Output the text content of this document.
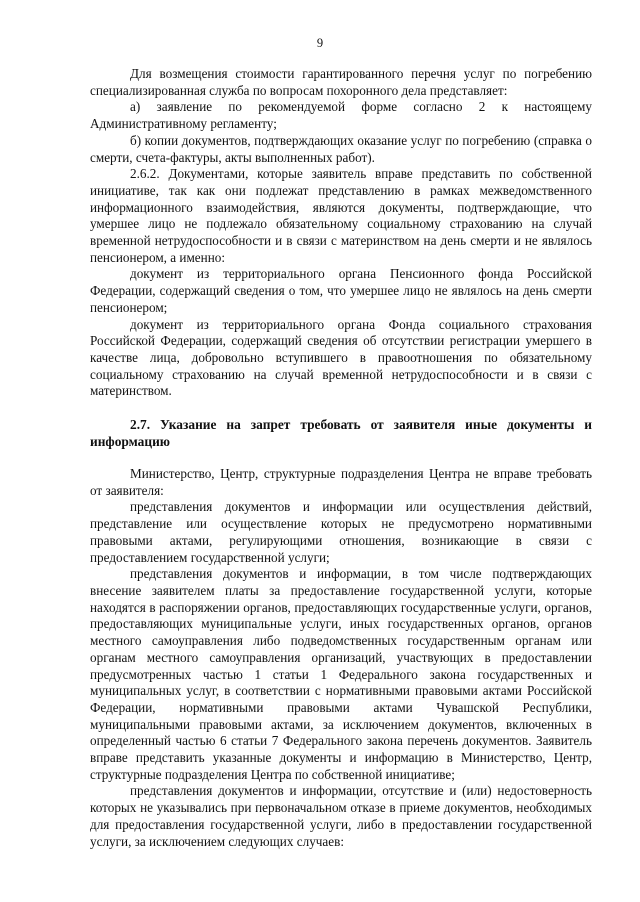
9

Для возмещения стоимости гарантированного перечня услуг по погребению специализированная служба по вопросам похоронного дела представляет:

а) заявление по рекомендуемой форме согласно 2 к настоящему Административному регламенту;

б) копии документов, подтверждающих оказание услуг по погребению (справка о смерти, счета-фактуры, акты выполненных работ).

2.6.2. Документами, которые заявитель вправе представить по собственной инициативе, так как они подлежат представлению в рамках межведомственного информационного взаимодействия, являются документы, подтверждающие, что умершее лицо не подлежало обязательному социальному страхованию на случай временной нетрудоспособности и в связи с материнством на день смерти и не являлось пенсионером, а именно:

документ из территориального органа Пенсионного фонда Российской Федерации, содержащий сведения о том, что умершее лицо не являлось на день смерти пенсионером;

документ из территориального органа Фонда социального страхования Российской Федерации, содержащий сведения об отсутствии регистрации умершего в качестве лица, добровольно вступившего в правоотношения по обязательному социальному страхованию на случай временной нетрудоспособности и в связи с материнством.

2.7. Указание на запрет требовать от заявителя иные документы и информацию

Министерство, Центр, структурные подразделения Центра не вправе требовать от заявителя:

представления документов и информации или осуществления действий, представление или осуществление которых не предусмотрено нормативными правовыми актами, регулирующими отношения, возникающие в связи с предоставлением государственной услуги;

представления документов и информации, в том числе подтверждающих внесение заявителем платы за предоставление государственной услуги, которые находятся в распоряжении органов, предоставляющих государственные услуги, органов, предоставляющих муниципальные услуги, иных государственных органов, органов местного самоуправления либо подведомственных государственным органам или органам местного самоуправления организаций, участвующих в предоставлении предусмотренных частью 1 статьи 1 Федерального закона государственных и муниципальных услуг, в соответствии с нормативными правовыми актами Российской Федерации, нормативными правовыми актами Чувашской Республики, муниципальными правовыми актами, за исключением документов, включенных в определенный частью 6 статьи 7 Федерального закона перечень документов. Заявитель вправе представить указанные документы и информацию в Министерство, Центр, структурные подразделения Центра по собственной инициативе;

представления документов и информации, отсутствие и (или) недостоверность которых не указывались при первоначальном отказе в приеме документов, необходимых для предоставления государственной услуги, либо в предоставлении государственной услуги, за исключением следующих случаев:
